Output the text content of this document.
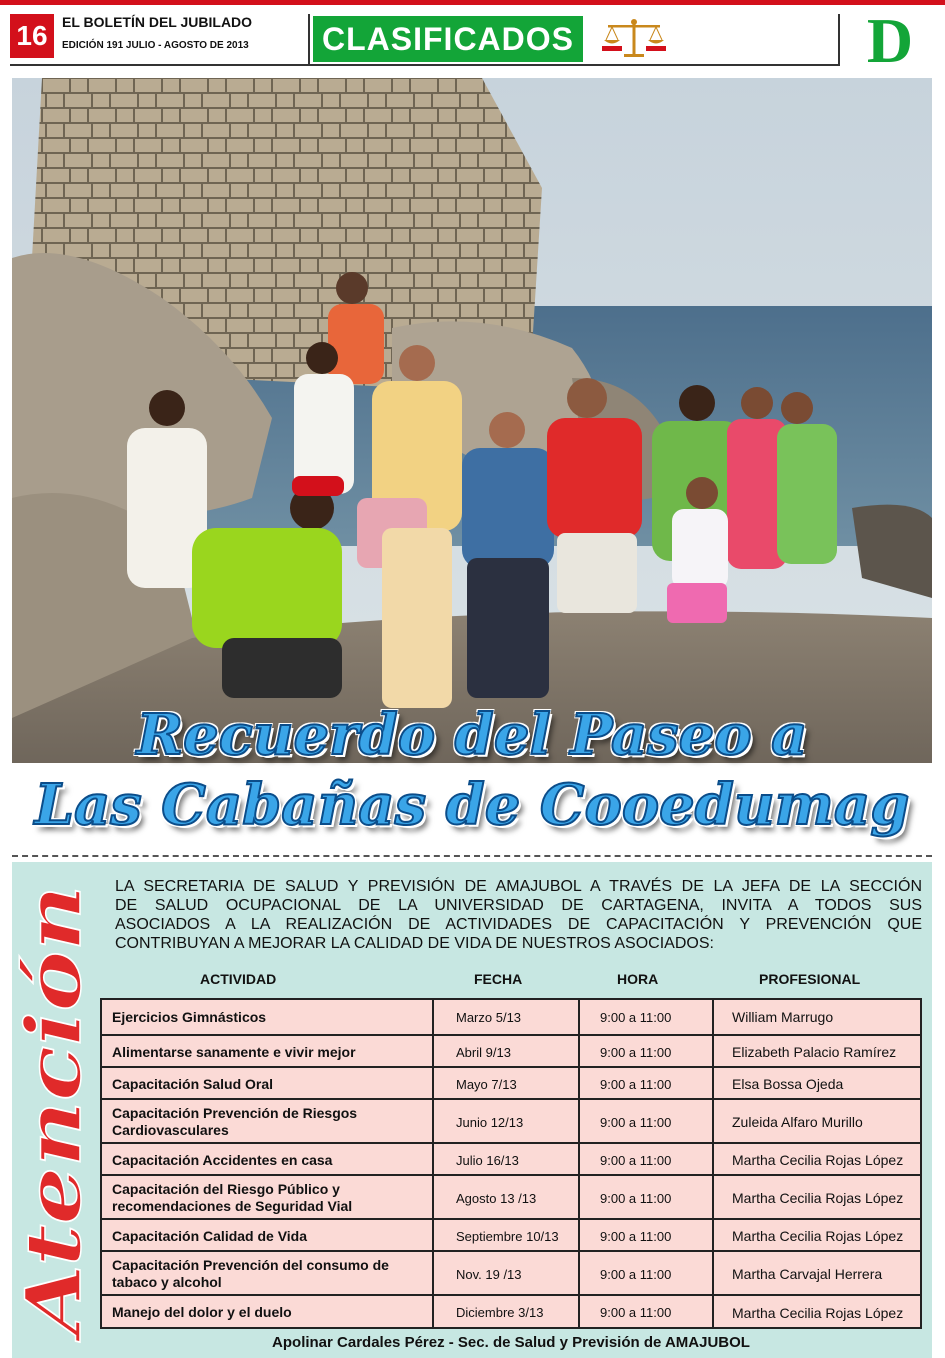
16	EL BOLETÍN DEL JUBILADO
EDICIÓN 191 JULIO - AGOSTO DE 2013 CLASIFICADOS	D
Recuerdo del Paseo a
Las Cabañas de Cooedumag
Atención
LA SECRETARIA DE SALUD Y PREVISIÓN DE AMAJUBOL A TRAVÉS DE LA JEFA DE LA SECCIÓN
DE SALUD OCUPACIONAL DE LA UNIVERSIDAD DE CARTAGENA, INVITA A TODOS SUS
ASOCIADOS A LA REALIZACIÓN DE ACTIVIDADES DE CAPACITACIÓN Y PREVENCIÓN QUE
CONTRIBUYAN A MEJORAR LA CALIDAD DE VIDA DE NUESTROS ASOCIADOS:
ACTIVIDAD	FECHA	HORA	PROFESIONAL
Ejercicios Gimnásticos	Marzo 5/13	9:00 a 11:00	William Marrugo
Alimentarse sanamente e vivir mejor	Abril 9/13	9:00 a 11:00	Elizabeth Palacio Ramírez
Capacitación Salud Oral	Mayo 7/13	9:00 a 11:00	Elsa Bossa Ojeda
Capacitación Prevención de Riesgos Cardiovasculares	Junio 12/13	9:00 a 11:00	Zuleida Alfaro Murillo
Capacitación Accidentes en casa	Julio 16/13	9:00 a 11:00	Martha Cecilia Rojas López
Capacitación del Riesgo Público y recomendaciones de Seguridad Vial	Agosto 13 /13	9:00 a 11:00	Martha Cecilia Rojas López
Capacitación Calidad de Vida	Septiembre 10/13	9:00 a 11:00	Martha Cecilia Rojas López
Capacitación Prevención del consumo de tabaco y alcohol	Nov. 19 /13	9:00 a 11:00	Martha Carvajal Herrera
Manejo del dolor y el duelo	Diciembre 3/13	9:00 a 11:00	Martha Cecilia Rojas López
Apolinar Cardales Pérez - Sec. de Salud y Previsión de AMAJUBOL
